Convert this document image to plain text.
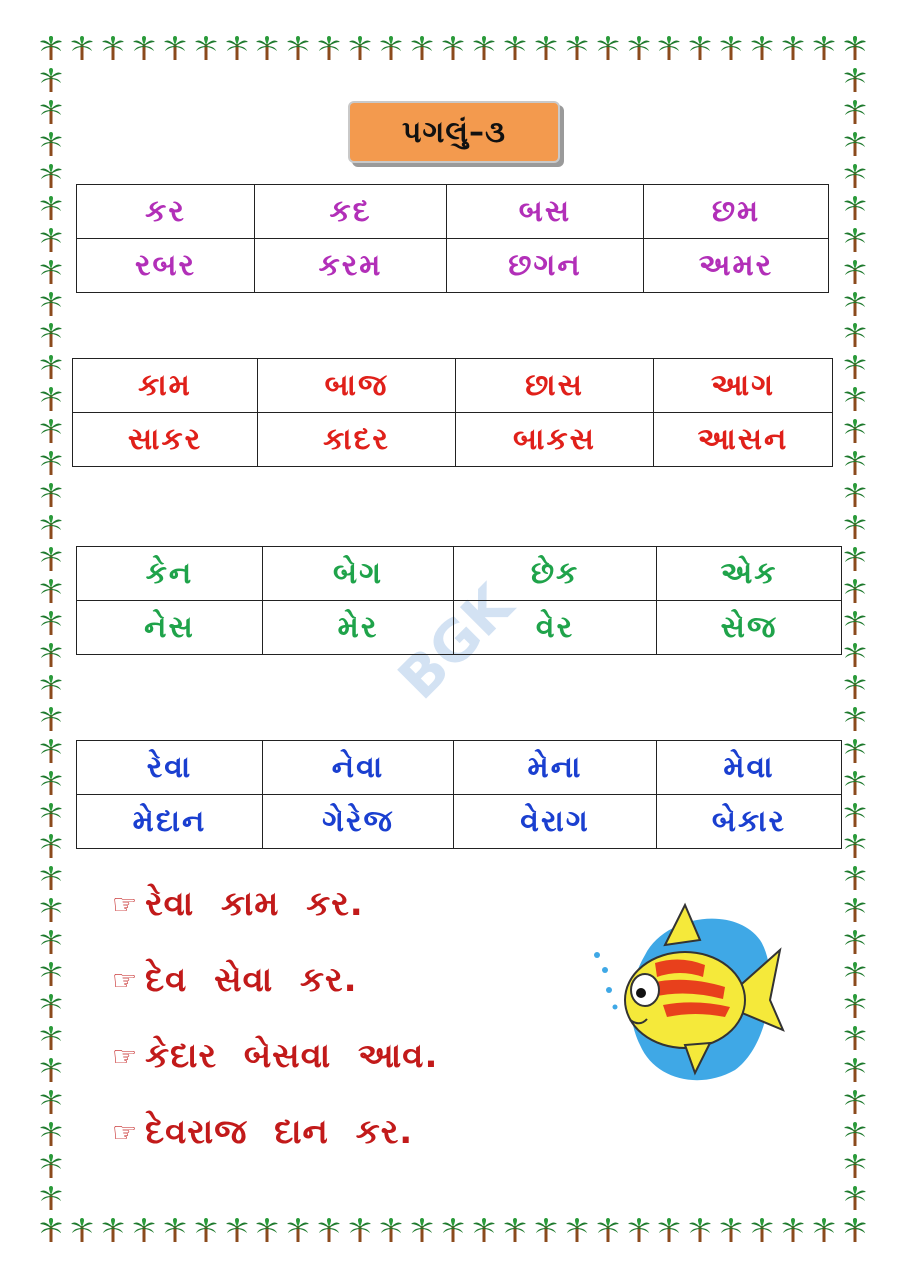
પગલું–૩
BGK
કર	કદ	બસ	છમ
રબર	કરમ	છગન	અમર
કામ	બાજ	છાસ	આગ
સાકર	કાદર	બાકસ	આસન
કેન	બેગ	છેક	એક
નેસ	મેર	વેર	સેજ
રેવા	નેવા	મેના	મેવા
મેદાન	ગેરેજ	વેરાગ	બેકાર
☞ રેવા કામ કર.
☞ દેવ સેવા કર.
☞ કેદાર બેસવા આવ.
☞ દેવરાજ દાન કર.
